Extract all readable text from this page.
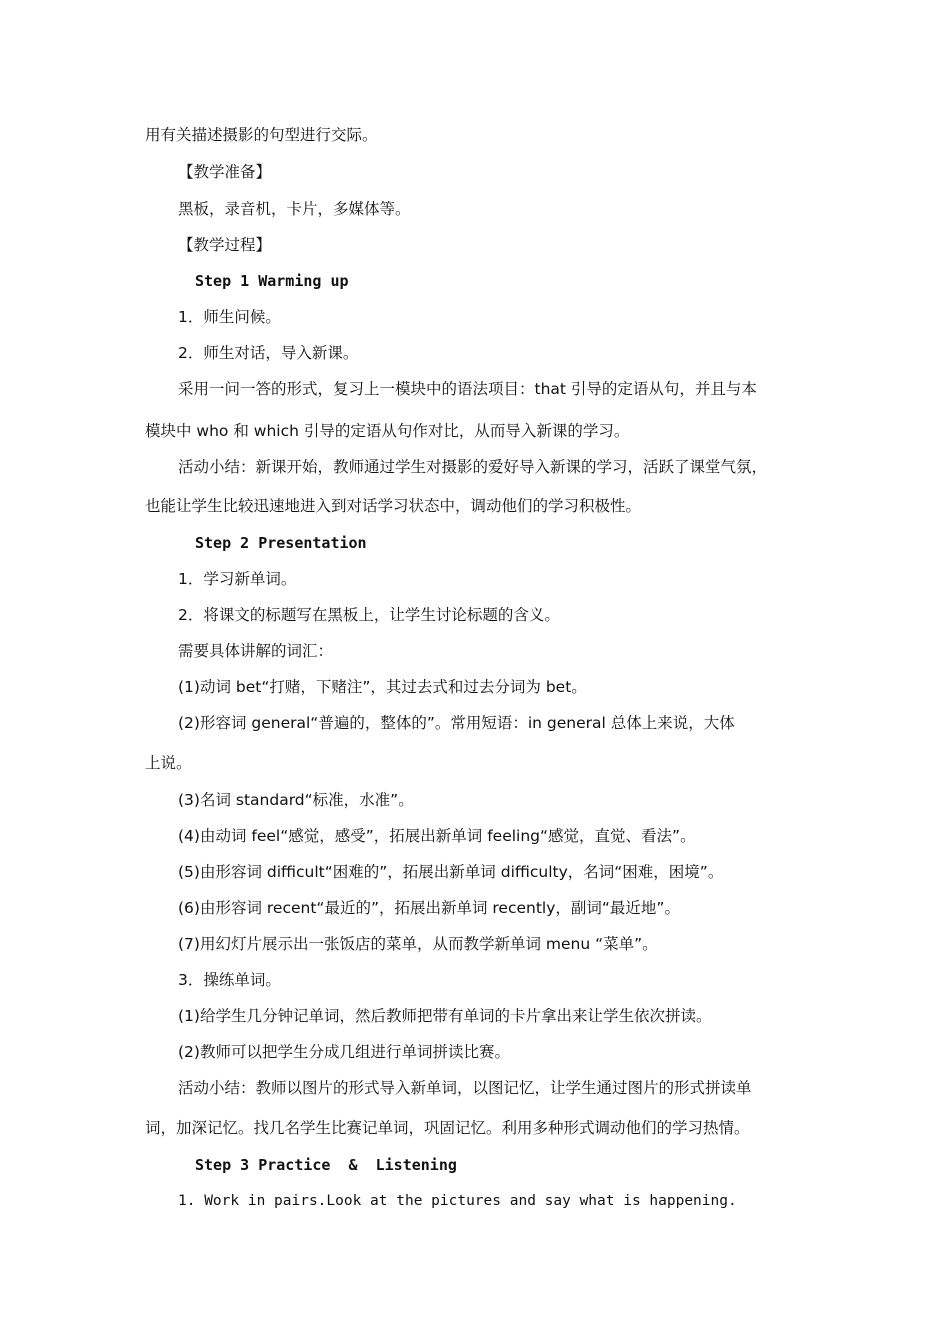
用有关描述摄影的句型进行交际。
【教学准备】
黑板，录音机，卡片，多媒体等。
【教学过程】
Step 1 Warming up
1．师生问候。
2．师生对话，导入新课。
采用一问一答的形式，复习上一模块中的语法项目：that 引导的定语从句，并且与本
模块中 who 和 which 引导的定语从句作对比，从而导入新课的学习。
活动小结：新课开始，教师通过学生对摄影的爱好导入新课的学习，活跃了课堂气氛，
也能让学生比较迅速地进入到对话学习状态中，调动他们的学习积极性。
Step 2 Presentation
1．学习新单词。
2．将课文的标题写在黑板上，让学生讨论标题的含义。
需要具体讲解的词汇：
(1)动词 bet“打赌，下赌注”，其过去式和过去分词为 bet。
(2)形容词 general“普遍的，整体的”。常用短语：in general 总体上来说，大体
上说。
(3)名词 standard“标准，水准”。
(4)由动词 feel“感觉，感受”，拓展出新单词 feeling“感觉，直觉、看法”。
(5)由形容词 difficult“困难的”，拓展出新单词 difficulty，名词“困难，困境”。
(6)由形容词 recent“最近的”，拓展出新单词 recently，副词“最近地”。
(7)用幻灯片展示出一张饭店的菜单，从而教学新单词 menu “菜单”。
3．操练单词。
(1)给学生几分钟记单词，然后教师把带有单词的卡片拿出来让学生依次拼读。
(2)教师可以把学生分成几组进行单词拼读比赛。
活动小结：教师以图片的形式导入新单词，以图记忆，让学生通过图片的形式拼读单
词，加深记忆。找几名学生比赛记单词，巩固记忆。利用多种形式调动他们的学习热情。
Step 3 Practice  &  Listening
1. Work in pairs.Look at the pictures and say what is happening.
